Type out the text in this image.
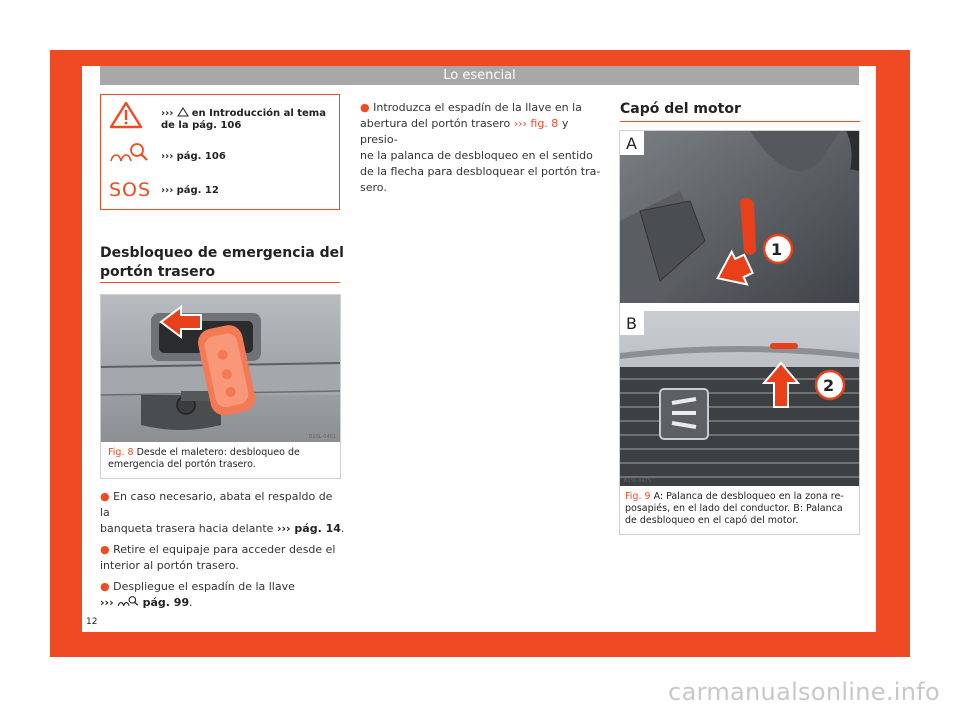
Lo esencial
››› en Introducción al tema de la pág. 106
››› pág. 106
SOS ››› pág. 12
Desbloqueo de emergencia del
portón trasero
B1SL-0451
Fig. 8 Desde el maletero: desbloqueo de
emergencia del portón trasero.
● En caso necesario, abata el respaldo de la
banqueta trasera hacia delante ››› pág. 14.
● Retire el equipaje para acceder desde el
interior al portón trasero.
● Despliegue el espadín de la llave
›››	pág. 99.
● Introduzca el espadín de la llave en la
abertura del portón trasero ››› fig. 8 y presio-
ne la palanca de desbloqueo en el sentido
de la flecha para desbloquear el portón tra-
sero.
Capó del motor
A
B
1
2
B1SL-0475
Fig. 9 A: Palanca de desbloqueo en la zona re-
posapiés, en el lado del conductor. B: Palanca
de desbloqueo en el capó del motor.
12
carmanualsonline.info
